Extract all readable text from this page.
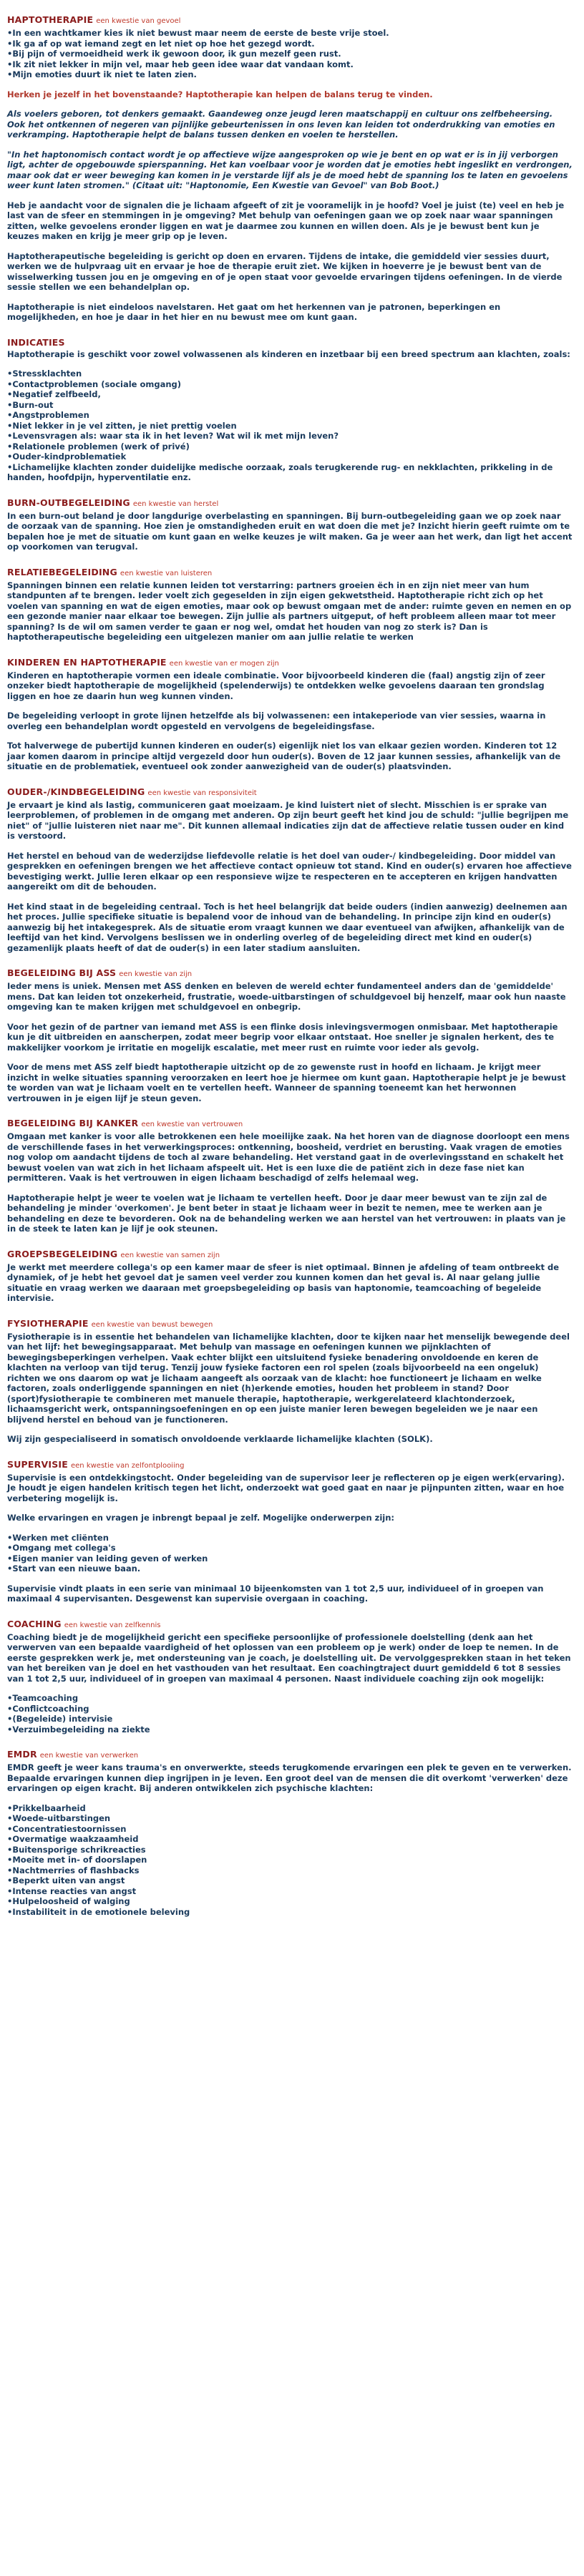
HAPTOTHERAPIE een kwestie van gevoel
• In een wachtkamer kies ik niet bewust maar neem de eerste de beste vrije stoel.
• Ik ga af op wat iemand zegt en let niet op hoe het gezegd wordt.
• Bij pijn of vermoeidheid werk ik gewoon door, ik gun mezelf geen rust.
• Ik zit niet lekker in mijn vel, maar heb geen idee waar dat vandaan komt.
• Mijn emoties duurt ik niet te laten zien.

Herken je jezelf in het bovenstaande? Haptotherapie kan helpen de balans terug te vinden.

Als voelers geboren, tot denkers gemaakt. Gaandeweg onze jeugd leren maatschappij en cultuur ons zelfbeheersing. Ook het ontkennen of negeren van pijnlijke gebeurtenissen in ons leven kan leiden tot onderdrukking van emoties en verkramping. Haptotherapie helpt de balans tussen denken en voelen te herstellen.

"In het haptonomisch contact wordt je op affectieve wijze aangesproken op wie je bent en op wat er is in jij verborgen ligt, achter de opgebouwde spierspanning. Het kan voelbaar voor je worden dat je emoties hebt ingeslikt en verdrongen, maar ook dat er weer beweging kan komen in je verstarde lijf als je de moed hebt de spanning los te laten en gevoelens weer kunt laten stromen." (Citaat uit: "Haptonomie, Een Kwestie van Gevoel" van Bob Boot.)

Heb je aandacht voor de signalen die je lichaam afgeeft of zit je vooramelijk in je hoofd? Voel je juist (te) veel en heb je last van de sfeer en stemmingen in je omgeving? Met behulp van oefeningen gaan we op zoek naar waar spanningen zitten, welke gevoelens eronder liggen en wat je daarmee zou kunnen en willen doen. Als je je bewust bent kun je keuzes maken en krijg je meer grip op je leven.

Haptotherapeutische begeleiding is gericht op doen en ervaren. Tijdens de intake, die gemiddeld vier sessies duurt, werken we de hulpvraag uit en ervaar je hoe de therapie eruit ziet. We kijken in hoeverre je je bewust bent van de wisselwerking tussen jou en je omgeving en of je open staat voor gevoelde ervaringen tijdens oefeningen. In de vierde sessie stellen we een behandelplan op.

Haptotherapie is niet eindeloos navelstaren. Het gaat om het herkennen van je patronen, beperkingen en mogelijkheden, en hoe je daar in het hier en nu bewust mee om kunt gaan.

INDICATIES

Haptotherapie is geschikt voor zowel volwassenen als kinderen en inzetbaar bij een breed spectrum aan klachten, zoals:

• Stressklachten
• Contactproblemen (sociale omgang)
• Negatief zelfbeeld,
• Burn-out
• Angstproblemen
• Niet lekker in je vel zitten, je niet prettig voelen
• Levensvragen als: waar sta ik in het leven? Wat wil ik met mijn leven?
• Relationele problemen (werk of privé)
• Ouder-kindproblematiek
• Lichamelijke klachten zonder duidelijke medische oorzaak, zoals terugkerende rug- en nekklachten, prikkeling in de handen, hoofdpijn, hyperventilatie enz.
BURN-OUTBEGELEIDING een kwestie van herstel

In een burn-out beland je door langdurige overbelasting en spanningen. Bij burn-outbegeleiding gaan we op zoek naar de oorzaak van de spanning. Hoe zien je omstandigheden eruit en wat doen die met je? Inzicht hierin geeft ruimte om te bepalen hoe je met de situatie om kunt gaan en welke keuzes je wilt maken. Ga je weer aan het werk, dan ligt het accent op voorkomen van terugval.

RELATIEBEGELEIDING een kwestie van luisteren

Spanningen binnen een relatie kunnen leiden tot verstarring: partners groeien ëch in en zijn niet meer van hum standpunten af te brengen. Ieder voelt zich gegeselden in zijn eigen gekwetstheid. Haptotherapie richt zich op het voelen van spanning en wat de eigen emoties, maar ook op bewust omgaan met de ander: ruimte geven en nemen en op een gezonde manier naar elkaar toe bewegen. Zijn jullie als partners uitgeput, of heft probleem alleen maar tot meer spanning? Is de wil om samen verder te gaan er nog wel, omdat het houden van nog zo sterk is? Dan is haptotherapeutische begeleiding een uitgelezen manier om aan jullie relatie te werken

KINDEREN EN HAPTOTHERAPIE een kwestie van er mogen zijn

Kinderen en haptotherapie vormen een ideale combinatie. Voor bijvoorbeeld kinderen die (faal) angstig zijn of zeer onzeker biedt haptotherapie de mogelijkheid (spelenderwijs) te ontdekken welke gevoelens daaraan ten grondslag liggen en hoe ze daarin hun weg kunnen vinden.

De begeleiding verloopt in grote lijnen hetzelfde als bij volwassenen: een intakeperiode van vier sessies, waarna in overleg een behandelplan wordt opgesteld en vervolgens de begeleidingsfase.

Tot halverwege de pubertijd kunnen kinderen en ouder(s) eigenlijk niet los van elkaar gezien worden. Kinderen tot 12 jaar komen daarom in principe altijd vergezeld door hun ouder(s). Boven de 12 jaar kunnen sessies, afhankelijk van de situatie en de problematiek, eventueel ook zonder aanwezigheid van de ouder(s) plaatsvinden.

OUDER-/KINDBEGELEIDING een kwestie van responsiviteit

Je ervaart je kind als lastig, communiceren gaat moeizaam. Je kind luistert niet of slecht. Misschien is er sprake van leerproblemen, of problemen in de omgang met anderen. Op zijn beurt geeft het kind jou de schuld: "jullie begrijpen me niet" of "jullie luisteren niet naar me". Dit kunnen allemaal indicaties zijn dat de affectieve relatie tussen ouder en kind is verstoord.

Het herstel en behoud van de wederzijdse liefdevolle relatie is het doel van ouder-/ kindbegeleiding. Door middel van gesprekken en oefeningen brengen we het affectieve contact opnieuw tot stand. Kind en ouder(s) ervaren hoe affectieve bevestiging werkt. Jullie leren elkaar op een responsieve wijze te respecteren en te accepteren en krijgen handvatten aangereikt om dit de behouden.

Het kind staat in de begeleiding centraal. Toch is het heel belangrijk dat beide ouders (indien aanwezig) deelnemen aan het proces. Jullie specifieke situatie is bepalend voor de inhoud van de behandeling. In principe zijn kind en ouder(s) aanwezig bij het intakegesprek. Als de situatie erom vraagt kunnen we daar eventueel van afwijken, afhankelijk van de leeftijd van het kind. Vervolgens beslissen we in onderling overleg of de begeleiding direct met kind en ouder(s) gezamenlijk plaats heeft of dat de ouder(s) in een later stadium aansluiten.

BEGELEIDING BIJ ASS een kwestie van zijn

Ieder mens is uniek. Mensen met ASS denken en beleven de wereld echter fundamenteel anders dan de 'gemiddelde' mens. Dat kan leiden tot onzekerheid, frustratie, woede-uitbarstingen of schuldgevoel bij henzelf, maar ook hun naaste omgeving kan te maken krijgen met schuldgevoel en onbegrip.

Voor het gezin of de partner van iemand met ASS is een flinke dosis inlevingsvermogen onmisbaar. Met haptotherapie kun je dit uitbreiden en aanscherpen, zodat meer begrip voor elkaar ontstaat. Hoe sneller je signalen herkent, des te makkelijker voorkom je irritatie en mogelijk escalatie, met meer rust en ruimte voor ieder als gevolg.

Voor de mens met ASS zelf biedt haptotherapie uitzicht op de zo gewenste rust in hoofd en lichaam. Je krijgt meer inzicht in welke situaties spanning veroorzaken en leert hoe je hiermee om kunt gaan. Haptotherapie helpt je je bewust te worden van wat je lichaam voelt en te vertellen heeft. Wanneer de spanning toeneemt kan het herwonnen vertrouwen in je eigen lijf je steun geven.

BEGELEIDING BIJ KANKER een kwestie van vertrouwen

Omgaan met kanker is voor alle betrokkenen een hele moeilijke zaak. Na het horen van de diagnose doorloopt een mens de verschillende fases in het verwerkingsproces: ontkenning, boosheid, verdriet en berusting. Vaak vragen de emoties nog volop om aandacht tijdens de toch al zware behandeling. Het verstand gaat in de overlevingsstand en schakelt het bewust voelen van wat zich in het lichaam afspeelt uit. Het is een luxe die de patiënt zich in deze fase niet kan permitteren. Vaak is het vertrouwen in eigen lichaam beschadigd of zelfs helemaal weg.

Haptotherapie helpt je weer te voelen wat je lichaam te vertellen heeft. Door je daar meer bewust van te zijn zal de behandeling je minder 'overkomen'. Je bent beter in staat je lichaam weer in bezit te nemen, mee te werken aan je behandeling en deze te bevorderen. Ook na de behandeling werken we aan herstel van het vertrouwen: in plaats van je in de steek te laten kan je lijf je ook steunen.

GROEPSBEGELEIDING een kwestie van samen zijn

Je werkt met meerdere collega's op een kamer maar de sfeer is niet optimaal. Binnen je afdeling of team ontbreekt de dynamiek, of je hebt het gevoel dat je samen veel verder zou kunnen komen dan het geval is. Al naar gelang jullie situatie en vraag werken we daaraan met groepsbegeleiding op basis van haptonomie, teamcoaching of begeleide intervisie.

FYSIOTHERAPIE een kwestie van bewust bewegen

Fysiotherapie is in essentie het behandelen van lichamelijke klachten, door te kijken naar het menselijk bewegende deel van het lijf: het bewegingsapparaat. Met behulp van massage en oefeningen kunnen we pijnklachten of bewegingsbeperkingen verhelpen. Vaak echter blijkt een uitsluitend fysieke benadering onvoldoende en keren de klachten na verloop van tijd terug. Tenzij jouw fysieke factoren een rol spelen (zoals bijvoorbeeld na een ongeluk) richten we ons daarom op wat je lichaam aangeeft als oorzaak van de klacht: hoe functioneert je lichaam en welke factoren, zoals onderliggende spanningen en niet (h)erkende emoties, houden het probleem in stand? Door (sport)fysiotherapie te combineren met manuele therapie, haptotherapie, werkgerelateerd klachtonderzoek, lichaamsgericht werk, ontspanningsoefeningen en op een juiste manier leren bewegen begeleiden we je naar een blijvend herstel en behoud van je functioneren.

Wij zijn gespecialiseerd in somatisch onvoldoende verklaarde lichamelijke klachten (SOLK).

SUPERVISIE een kwestie van zelfontplooiing

Supervisie is een ontdekkingstocht. Onder begeleiding van de supervisor leer je reflecteren op je eigen werk(ervaring). Je houdt je eigen handelen kritisch tegen het licht, onderzoekt wat goed gaat en naar je pijnpunten zitten, waar en hoe verbetering mogelijk is.

Welke ervaringen en vragen je inbrengt bepaal je zelf. Mogelijke onderwerpen zijn:

• Werken met cliënten
• Omgang met collega's
• Eigen manier van leiding geven of werken
• Start van een nieuwe baan.

Supervisie vindt plaats in een serie van minimaal 10 bijeenkomsten van 1 tot 2,5 uur, individueel of in groepen van maximaal 4 supervisanten. Desgewenst kan supervisie overgaan in coaching.

COACHING een kwestie van zelfkennis

Coaching biedt je de mogelijkheid gericht een specifieke persoonlijke of professionele doelstelling (denk aan het verwerven van een bepaalde vaardigheid of het oplossen van een probleem op je werk) onder de loep te nemen. In de eerste gesprekken werk je, met ondersteuning van je coach, je doelstelling uit. De vervolggesprekken staan in het teken van het bereiken van je doel en het vasthouden van het resultaat. Een coachingtraject duurt gemiddeld 6 tot 8 sessies van 1 tot 2,5 uur, individueel of in groepen van maximaal 4 personen. Naast individuele coaching zijn ook mogelijk:

• Teamcoaching
• Conflictcoaching
• (Begeleide) intervisie
• Verzuimbegeleiding na ziekte
EMDR een kwestie van verwerken

EMDR geeft je weer kans trauma's en onverwerkte, steeds terugkomende ervaringen een plek te geven en te verwerken. Bepaalde ervaringen kunnen diep ingrijpen in je leven. Een groot deel van de mensen die dit overkomt 'verwerken' deze ervaringen op eigen kracht. Bij anderen ontwikkelen zich psychische klachten:

• Prikkelbaarheid
• Woede-uitbarstingen
• Concentratiestoornissen
• Overmatige waakzaamheid
• Buitensporige schrikreacties
• Moeite met in- of doorslapen
• Nachtmerries of flashbacks
• Beperkt uiten van angst
• Intense reacties van angst
• Hulpeloosheid of walging
• Instabiliteit in de emotionele beleving
